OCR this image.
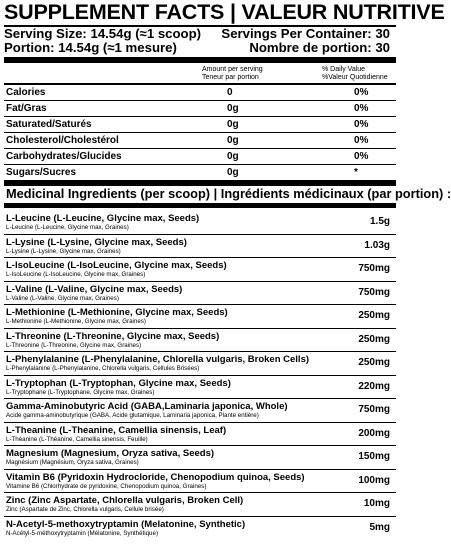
SUPPLEMENT FACTS | VALEUR NUTRITIVE
Serving Size: 14.54g (≈1 scoop) Servings Per Container: 30
Portion: 14.54g (≈1 mesure)	Nombre de portion: 30
Amount per serving
Teneur par portion
% Daily Value
%Valeur Quotidienne
Calories	0	0%
Fat/Gras	0g	0%
Saturated/Saturés	0g	0%
Cholesterol/Cholestérol	0g	0%
Carbohydrates/Glucides	0g	0%
Sugars/Sucres	0g	*
Medicinal Ingredients (per scoop) | Ingrédients médicinaux (par portion) :
L-Leucine (L-Leucine, Glycine max, Seeds)
L-Leucine (L-Leucine, Glycine max, Graines)
1.5g
L-Lysine (L-Lysine, Glycine max, Seeds)
L-Lysine (L-Lysine, Glycine max, Graines)
1.03g
L-IsoLeucine (L-IsoLeucine, Glycine max, Seeds)
L-IsoLeucine (L-IsoLeucine, Glycine max, Graines)
750mg
L-Valine (L-Valine, Glycine max, Seeds)
L-Valine (L-Valine, Glycine max, Graines)
750mg
L-Methionine (L-Methionine, Glycine max, Seeds)
L-Methionine (L-Methionine, Glycine max, Graines)
250mg
L-Threonine (L-Threonine, Glycine max, Seeds)
L-Threonine (L-Threonine, Glycine max, Graines)
250mg
L-Phenylalanine (L-Phenylalanine, Chlorella vulgaris, Broken Cells)
L-Phenylalanine (L-Phenylalanine, Chlorella vulgaris, Cellules Brisées)
250mg
L-Tryptophan (L-Tryptophan, Glycine max, Seeds)
L-Tryptophane (L-Tryptophane, Glycine max, Graines)
220mg
Gamma-Aminobutyric Acid (GABA,Laminaria japonica, Whole)
Acide gamma-aminobutyrique (GABA, Acide glutamique, Laminaria japonica, Plante entière)
750mg
L-Theanine (L-Theanine, Camellia sinensis, Leaf)
L-Théanine (L-Théanine, Camellia sinensis, Feuille)
200mg
Magnesium (Magnesium, Oryza sativa, Seeds)
Magnésium (Magnésium, Oryza sativa, Graines)
150mg
Vitamin B6 (Pyridoxin Hydrocloride, Chenopodium quinoa, Seeds)
Vitamine B6 (Chlorhydrate de pyridoxine, Chenopodium quinoa, Graines)
100mg
Zinc (Zinc Aspartate, Chlorella vulgaris, Broken Cell)
Zinc (Aspartate de Zinc, Chlorella vulgaris, Cellule brisée)
10mg
N-Acetyl-5-methoxytryptamin (Melatonine, Synthetic)
N-Acétyl-5-méthoxytryptamin (Mélatonine, Synthétique)
5mg
